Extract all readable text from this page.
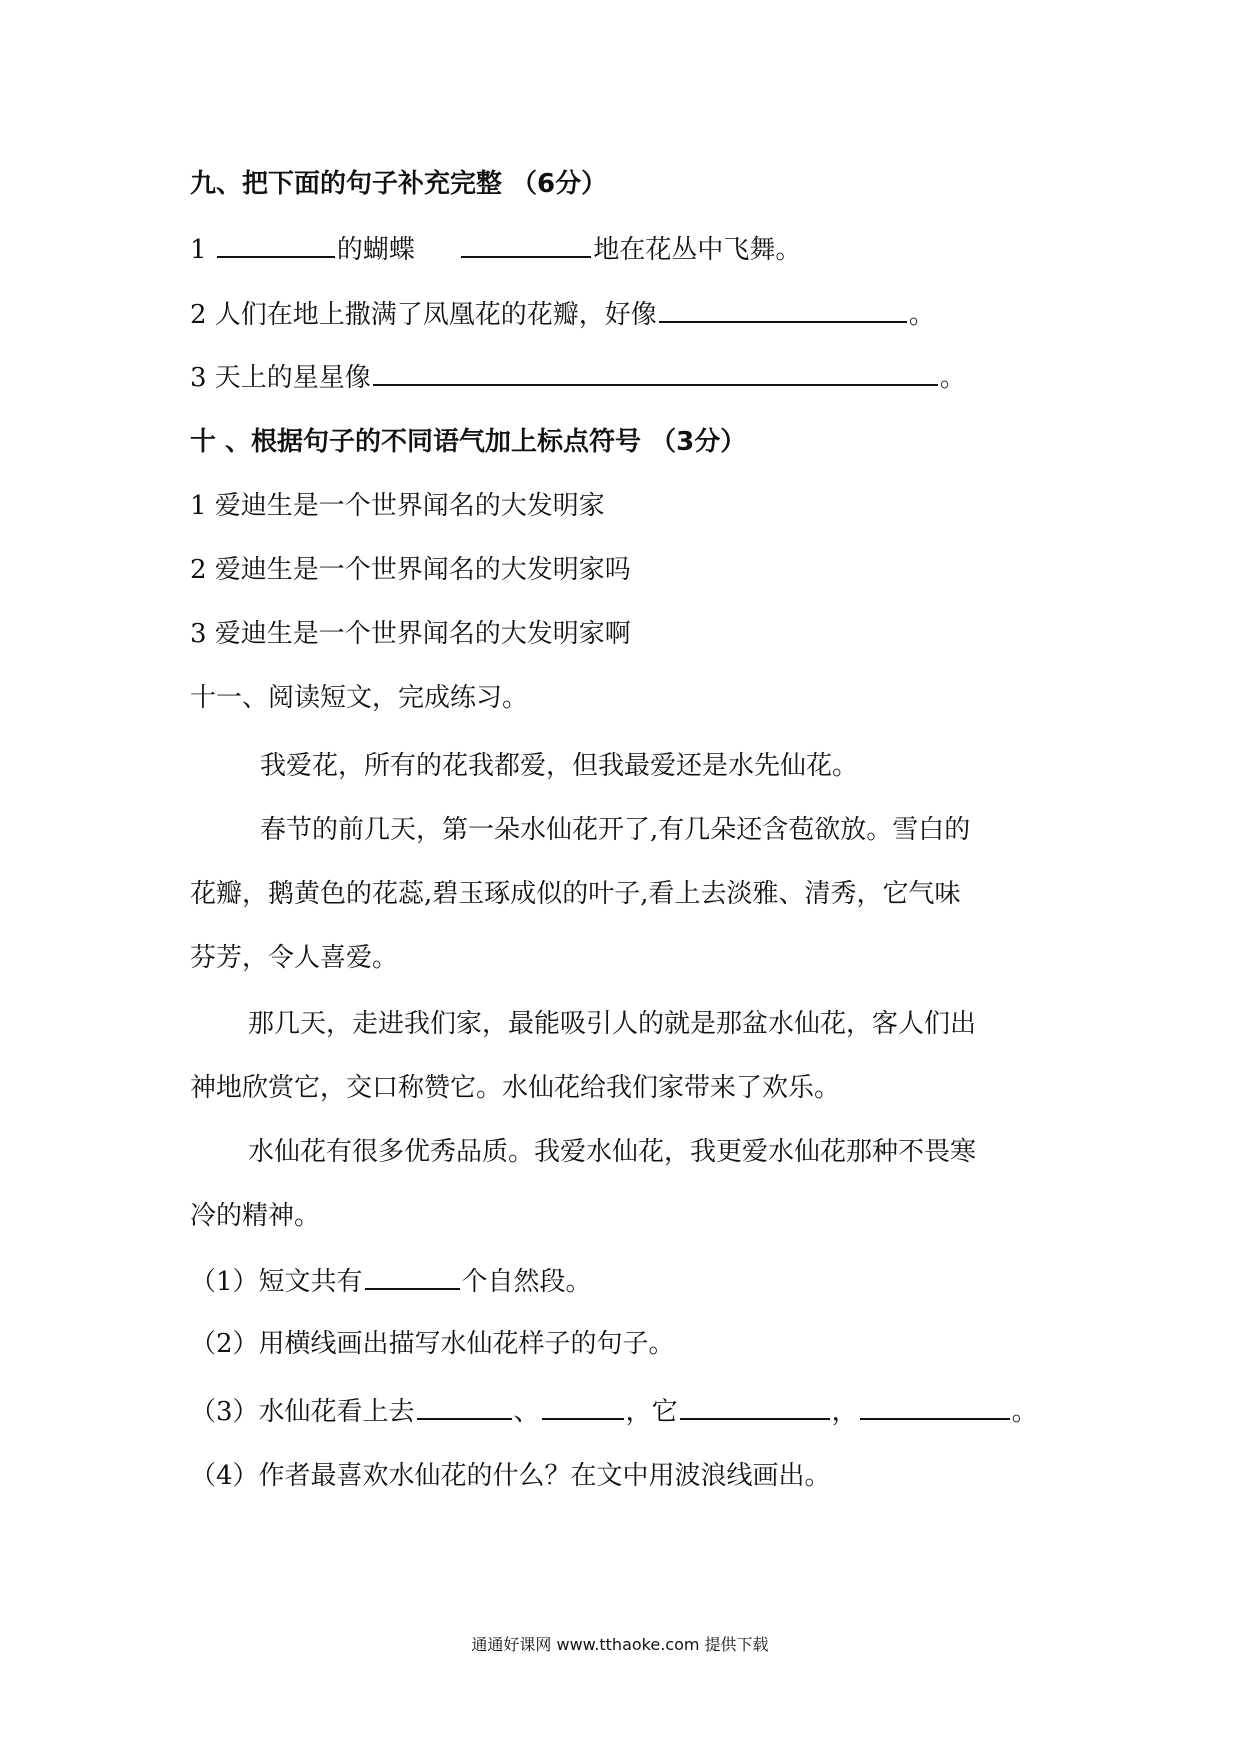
九、把下面的句子补充完整 （6分）
1	的蝴蝶	地在花丛中飞舞。
2 人们在地上撒满了凤凰花的花瓣，好像	。
3 天上的星星像	。
十 、根据句子的不同语气加上标点符号 （3分）
1 爱迪生是一个世界闻名的大发明家
2 爱迪生是一个世界闻名的大发明家吗
3 爱迪生是一个世界闻名的大发明家啊
十一、阅读短文，完成练习。
我爱花，所有的花我都爱，但我最爱还是水先仙花。
春节的前几天，第一朵水仙花开了,有几朵还含苞欲放。雪白的
花瓣，鹅黄色的花蕊,碧玉琢成似的叶子,看上去淡雅、清秀，它气味
芬芳，令人喜爱。
那几天，走进我们家，最能吸引人的就是那盆水仙花，客人们出
神地欣赏它，交口称赞它。水仙花给我们家带来了欢乐。
水仙花有很多优秀品质。我爱水仙花，我更爱水仙花那种不畏寒
冷的精神。
（1）短文共有	个自然段。
（2）用横线画出描写水仙花样子的句子。
（3）水仙花看上去	、	，它	，	。
（4）作者最喜欢水仙花的什么？在文中用波浪线画出。
通通好课网 www.tthaoke.com 提供下载
